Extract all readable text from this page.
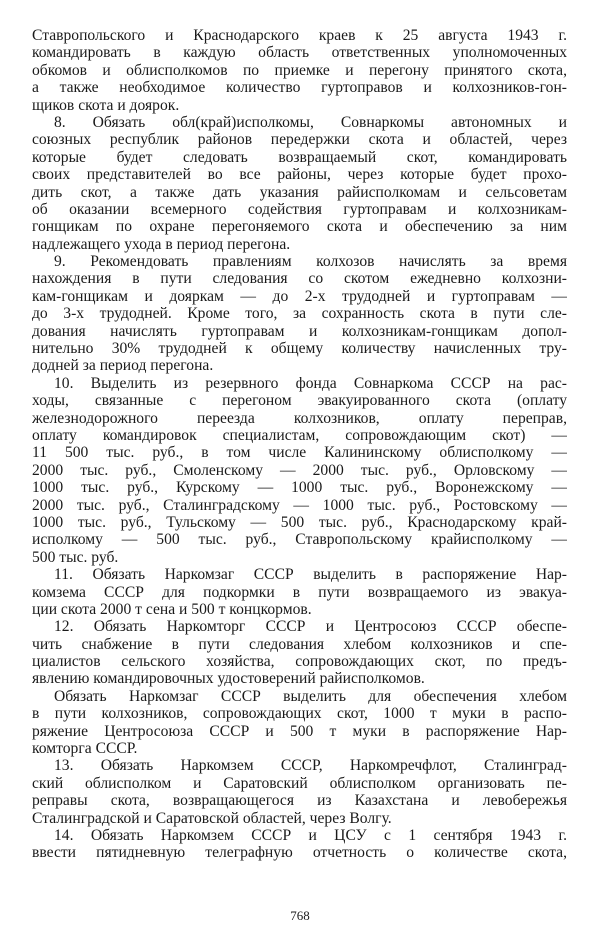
Ставропольского и Краснодарского краев к 25 августа 1943 г.
командировать в каждую область ответственных уполномоченных
обкомов и облисполкомов по приемке и перегону принятого скота,
а также необходимое количество гуртоправов и колхозников-гон-
щиков скота и доярок.
8. Обязать обл(край)исполкомы, Совнаркомы автономных и
союзных республик районов передержки скота и областей, через
которые будет следовать возвращаемый скот, командировать
своих представителей во все районы, через которые будет прохо-
дить скот, а также дать указания райисполкомам и сельсоветам
об оказании всемерного содействия гуртоправам и колхозникам-
гонщикам по охране перегоняемого скота и обеспечению за ним
надлежащего ухода в период перегона.
9. Рекомендовать правлениям колхозов начислять за время
нахождения в пути следования со скотом ежедневно колхозни-
кам-гонщикам и дояркам — до 2-х трудодней и гуртоправам —
до 3-х трудодней. Кроме того, за сохранность скота в пути сле-
дования начислять гуртоправам и колхозникам-гонщикам допол-
нительно 30% трудодней к общему количеству начисленных тру-
додней за период перегона.
10. Выделить из резервного фонда Совнаркома СССР на рас-
ходы, связанные с перегоном эвакуированного скота (оплату
железнодорожного переезда колхозников, оплату переправ,
оплату командировок специалистам, сопровождающим скот) —
11 500 тыс. руб., в том числе Калининскому облисполкому —
2000 тыс. руб., Смоленскому — 2000 тыс. руб., Орловскому —
1000 тыс. руб., Курскому — 1000 тыс. руб., Воронежскому —
2000 тыс. руб., Сталинградскому — 1000 тыс. руб., Ростовскому —
1000 тыс. руб., Тульскому — 500 тыс. руб., Краснодарскому край-
исполкому — 500 тыс. руб., Ставропольскому крайисполкому —
500 тыс. руб.
11. Обязать Наркомзаг СССР выделить в распоряжение Нар-
комзема СССР для подкормки в пути возвращаемого из эвакуа-
ции скота 2000 т сена и 500 т концкормов.
12. Обязать Наркомторг СССР и Центросоюз СССР обеспе-
чить снабжение в пути следования хлебом колхозников и спе-
циалистов сельского хозяйства, сопровождающих скот, по предъ-
явлению командировочных удостоверений райисполкомов.
Обязать Наркомзаг СССР выделить для обеспечения хлебом
в пути колхозников, сопровождающих скот, 1000 т муки в распо-
ряжение Центросоюза СССР и 500 т муки в распоряжение Нар-
комторга СССР.
13. Обязать Наркомзем СССР, Наркомречфлот, Сталинград-
ский облисполком и Саратовский облисполком организовать пе-
реправы скота, возвращающегося из Казахстана и левобережья
Сталинградской и Саратовской областей, через Волгу.
14. Обязать Наркомзем СССР и ЦСУ с 1 сентября 1943 г.
ввести пятидневную телеграфную отчетность о количестве скота,
768
